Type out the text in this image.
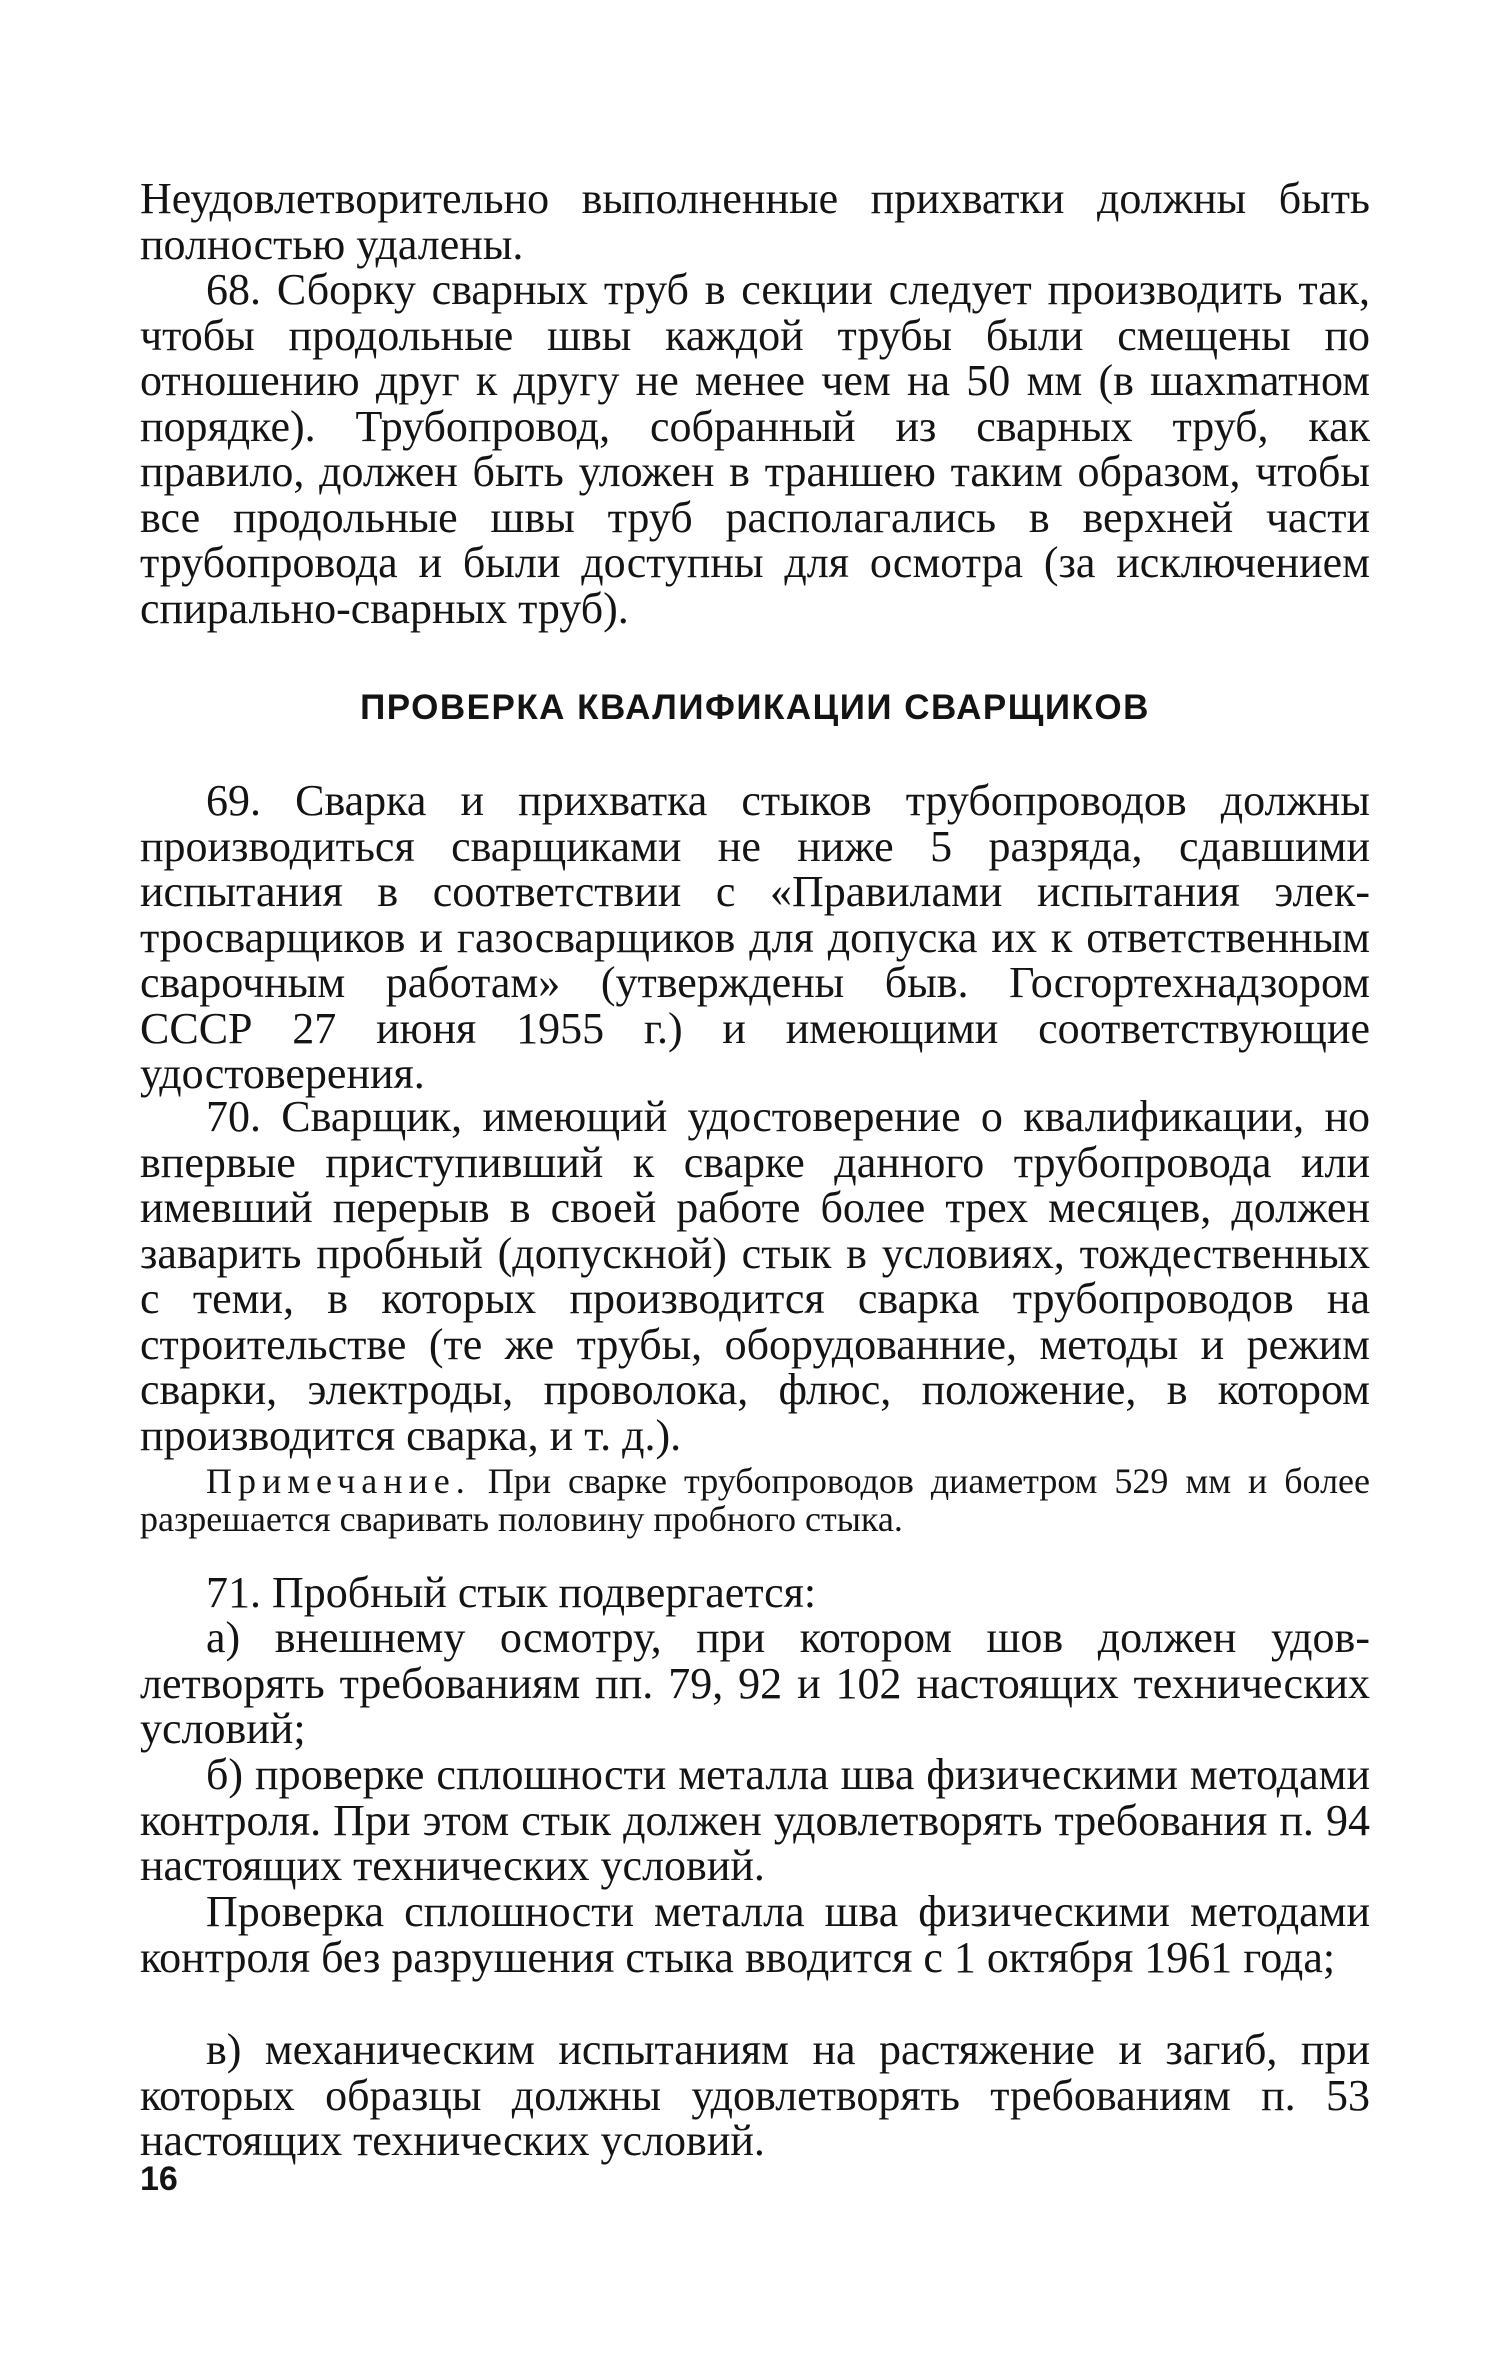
Неудовлетворительно выполненные прихватки должны быть полностью удалены.

68. Сборку сварных труб в секции следует производить так, чтобы продольные швы каждой трубы были смещены по отношению друг к другу не менее чем на 50 мм (в шахmатном порядке). Трубопровод, собранный из сварных труб, как правило, должен быть уложен в траншею таким образом, чтобы все продольные швы труб располагались в верхней части трубопровода и были доступны для осмотра (за исключением спирально-сварных труб).

ПРОВЕРКА КВАЛИФИКАЦИИ СВАРЩИКОВ

69. Сварка и прихватка стыков трубопроводов должны производиться сварщиками не ниже 5 разряда, сдавшими испытания в соответствии с «Правилами испытания электросварщиков и газосварщиков для допуска их к ответственным сварочным работам» (утверждены быв. Госгортехнадзором СССР 27 июня 1955 г.) и имеющими соответствующие удостоверения.

70. Сварщик, имеющий удостоверение о квалификации, но впервые приступивший к сварке данного трубопровода или имевший перерыв в своей работе более трех месяцев, должен заварить пробный (допускной) стык в условиях, тождественных с теми, в которых производится сварка трубопроводов на строительстве (те же трубы, оборудованние, методы и режим сварки, электроды, проволока, флюс, положение, в котором производится сварка, и т. д.).

Примечание. При сварке трубопроводов диаметром 529 мм и более разрешается сваривать половину пробного стыка.

71. Пробный стык подвергается:

а) внешнему осмотру, при котором шов должен удовлетворять требованиям пп. 79, 92 и 102 настоящих технических условий;

б) проверке сплошности металла шва физическими методами контроля. При этом стык должен удовлетворять требования п. 94 настоящих технических условий.

Проверка сплошности металла шва физическими методами контроля без разрушения стыка вводится с 1 октября 1961 года;

в) механическим испытаниям на растяжение и загиб, при которых образцы должны удовлетворять требованиям п. 53 настоящих технических условий.

16
